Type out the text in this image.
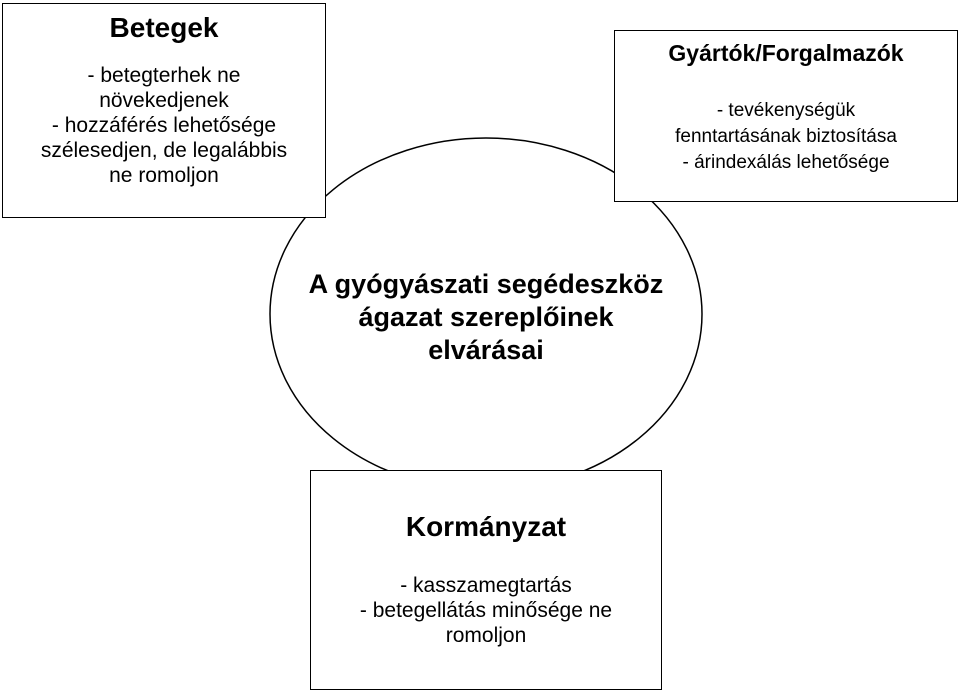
Betegek
- betegterhek ne
növekedjenek
- hozzáférés lehetősége
szélesedjen, de legalábbis
ne romoljon
Gyártók/Forgalmazók
- tevékenységük
fenntartásának biztosítása
- árindexálás lehetősége
A gyógyászati segédeszköz
ágazat szereplőinek
elvárásai
Kormányzat
- kasszamegtartás
- betegellátás minősége ne
romoljon
